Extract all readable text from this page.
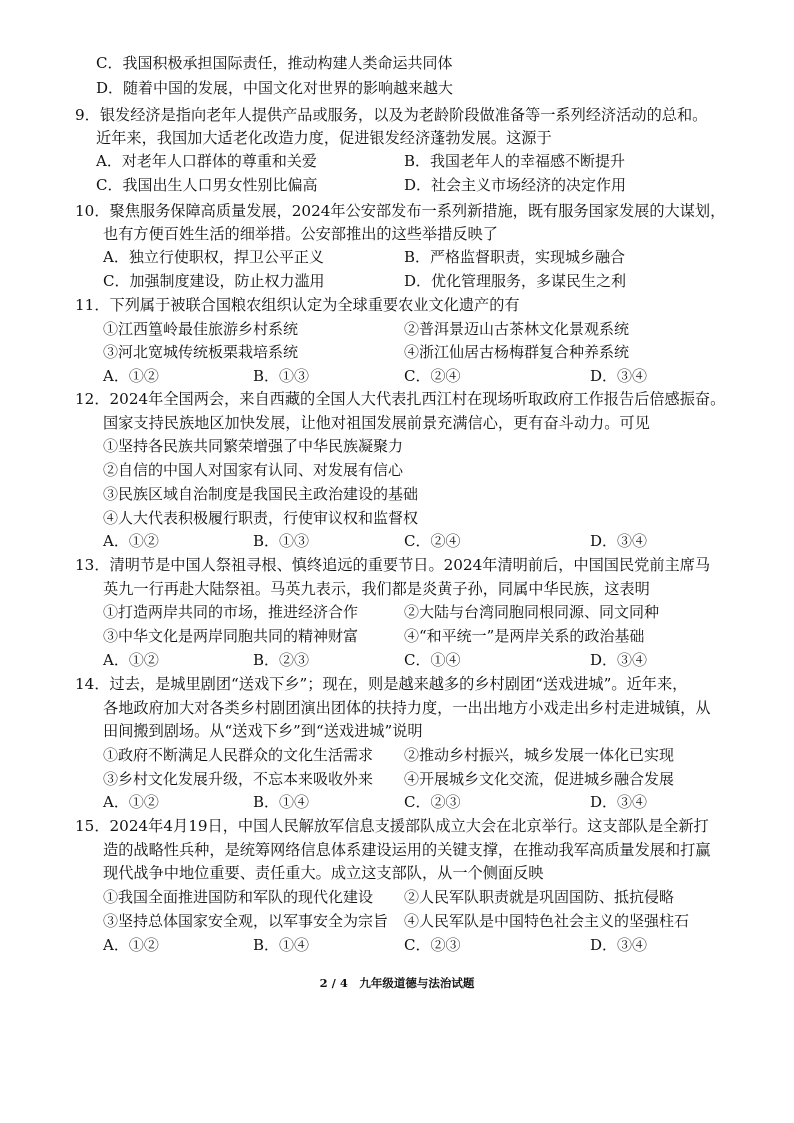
C．我国积极承担国际责任，推动构建人类命运共同体
D．随着中国的发展，中国文化对世界的影响越来越大
9．银发经济是指向老年人提供产品或服务，以及为老龄阶段做准备等一系列经济活动的总和。
近年来，我国加大适老化改造力度，促进银发经济蓬勃发展。这源于
A．对老年人口群体的尊重和关爱	B．我国老年人的幸福感不断提升
C．我国出生人口男女性别比偏高	D．社会主义市场经济的决定作用
10．聚焦服务保障高质量发展，2024年公安部发布一系列新措施，既有服务国家发展的大谋划，
也有方便百姓生活的细举措。公安部推出的这些举措反映了
A．独立行使职权，捍卫公平正义	B．严格监督职责，实现城乡融合
C．加强制度建设，防止权力滥用	D．优化管理服务，多谋民生之利
11．下列属于被联合国粮农组织认定为全球重要农业文化遗产的有
①江西篁岭最佳旅游乡村系统	②普洱景迈山古茶林文化景观系统
③河北宽城传统板栗栽培系统	④浙江仙居古杨梅群复合种养系统
A．①②	B．①③	C．②④	D．③④
12．2024年全国两会，来自西藏的全国人大代表扎西江村在现场听取政府工作报告后倍感振奋。
国家支持民族地区加快发展，让他对祖国发展前景充满信心，更有奋斗动力。可见
①坚持各民族共同繁荣增强了中华民族凝聚力
②自信的中国人对国家有认同、对发展有信心
③民族区域自治制度是我国民主政治建设的基础
④人大代表积极履行职责，行使审议权和监督权
A．①②	B．①③	C．②④	D．③④
13．清明节是中国人祭祖寻根、慎终追远的重要节日。2024年清明前后，中国国民党前主席马
英九一行再赴大陆祭祖。马英九表示，我们都是炎黄子孙，同属中华民族，这表明
①打造两岸共同的市场，推进经济合作	②大陆与台湾同胞同根同源、同文同种
③中华文化是两岸同胞共同的精神财富	④“和平统一”是两岸关系的政治基础
A．①②	B．②③	C．①④	D．③④
14．过去，是城里剧团“送戏下乡”；现在，则是越来越多的乡村剧团“送戏进城”。近年来，
各地政府加大对各类乡村剧团演出团体的扶持力度，一出出地方小戏走出乡村走进城镇，从
田间搬到剧场。从“送戏下乡”到“送戏进城”说明
①政府不断满足人民群众的文化生活需求 ②推动乡村振兴，城乡发展一体化已实现
③乡村文化发展升级，不忘本来吸收外来 ④开展城乡文化交流，促进城乡融合发展
A．①②	B．①④	C．②③	D．③④
15．2024年4月19日，中国人民解放军信息支援部队成立大会在北京举行。这支部队是全新打
造的战略性兵种，是统筹网络信息体系建设运用的关键支撑，在推动我军高质量发展和打赢
现代战争中地位重要、责任重大。成立这支部队，从一个侧面反映
①我国全面推进国防和军队的现代化建设 ②人民军队职责就是巩固国防、抵抗侵略
③坚持总体国家安全观，以军事安全为宗旨 ④人民军队是中国特色社会主义的坚强柱石
A．①②	B．①④	C．②③	D．③④
2 / 4　九年级道德与法治试题
